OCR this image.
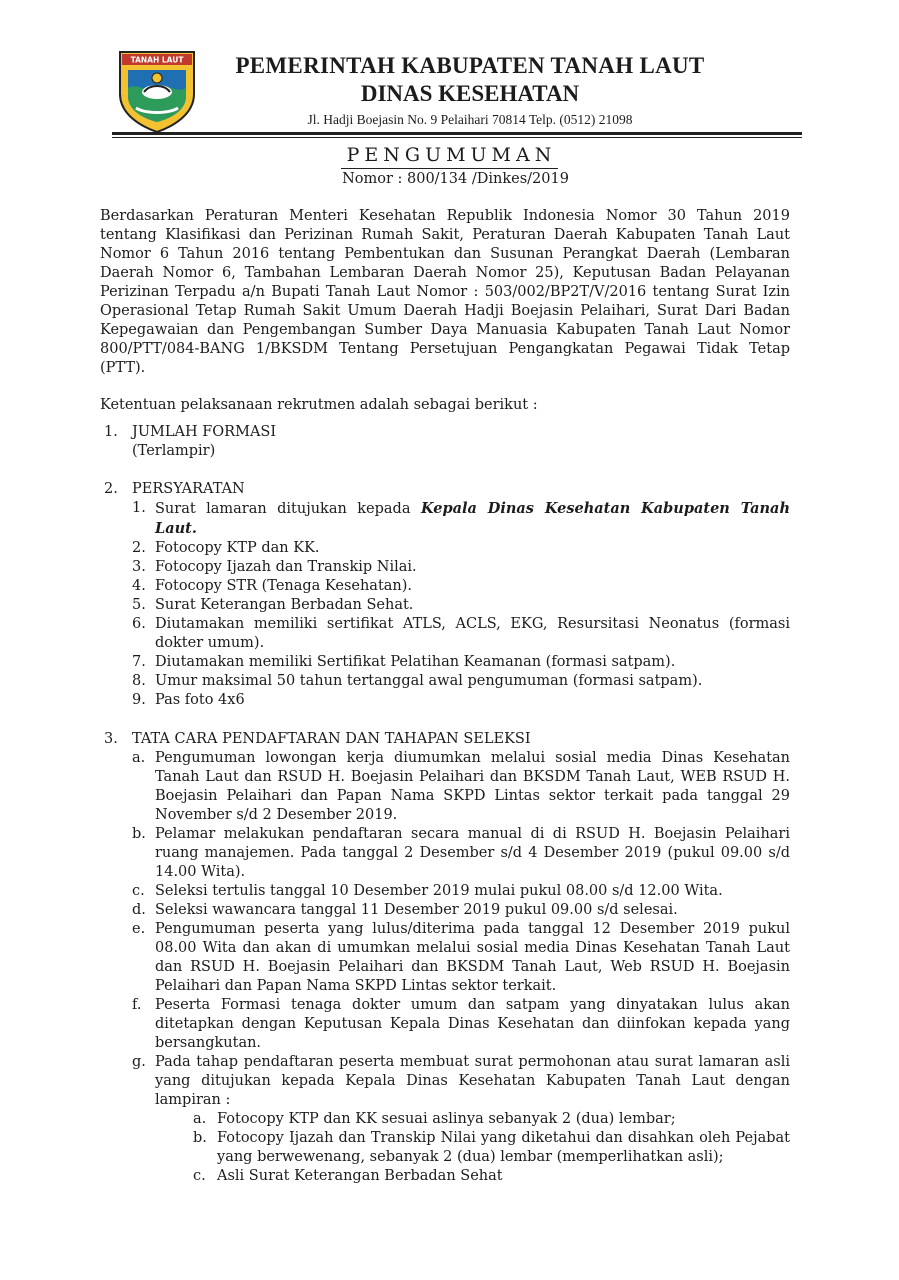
TANAH LAUT	PEMERINTAH KABUPATEN TANAH LAUT
DINAS KESEHATAN
Jl. Hadji Boejasin No. 9 Pelaihari 70814 Telp. (0512) 21098
PENGUMUMAN
Nomor : 800/134 /Dinkes/2019

Berdasarkan Peraturan Menteri Kesehatan Republik Indonesia Nomor 30 Tahun 2019 tentang Klasifikasi dan Perizinan Rumah Sakit, Peraturan Daerah Kabupaten Tanah Laut Nomor 6 Tahun 2016 tentang Pembentukan dan Susunan Perangkat Daerah (Lembaran Daerah Nomor 6, Tambahan Lembaran Daerah Nomor 25), Keputusan Badan Pelayanan Perizinan Terpadu a/n Bupati Tanah Laut Nomor : 503/002/BP2T/V/2016 tentang Surat Izin Operasional Tetap Rumah Sakit Umum Daerah Hadji Boejasin Pelaihari, Surat Dari Badan Kepegawaian dan Pengembangan Sumber Daya Manuasia Kabupaten Tanah Laut Nomor 800/PTT/084-BANG 1/BKSDM Tentang Persetujuan Pengangkatan Pegawai Tidak Tetap (PTT).

Ketentuan pelaksanaan rekrutmen adalah sebagai berikut :

1. JUMLAH FORMASI
(Terlampir)
2. PERSYARATAN
1. Surat lamaran ditujukan kepada Kepala Dinas Kesehatan Kabupaten Tanah Laut.
2. Fotocopy KTP dan KK.
3. Fotocopy Ijazah dan Transkip Nilai.
4. Fotocopy STR (Tenaga Kesehatan).
5. Surat Keterangan Berbadan Sehat.
6. Diutamakan memiliki sertifikat ATLS, ACLS, EKG, Resursitasi Neonatus (formasi dokter umum).
7. Diutamakan memiliki Sertifikat Pelatihan Keamanan (formasi satpam).
8. Umur maksimal 50 tahun tertanggal awal pengumuman (formasi satpam).
9. Pas foto 4x6
3. TATA CARA PENDAFTARAN DAN TAHAPAN SELEKSI
a. Pengumuman lowongan kerja diumumkan melalui sosial media Dinas Kesehatan Tanah Laut dan RSUD H. Boejasin Pelaihari dan BKSDM Tanah Laut, WEB RSUD H. Boejasin Pelaihari dan Papan Nama SKPD Lintas sektor terkait pada tanggal 29 November s/d 2 Desember 2019.
b. Pelamar melakukan pendaftaran secara manual di di RSUD H. Boejasin Pelaihari ruang manajemen. Pada tanggal 2 Desember s/d 4 Desember 2019 (pukul 09.00 s/d 14.00 Wita).
c. Seleksi tertulis tanggal 10 Desember 2019 mulai pukul 08.00 s/d 12.00 Wita.
d. Seleksi wawancara tanggal 11 Desember 2019 pukul 09.00 s/d selesai.
e. Pengumuman peserta yang lulus/diterima pada tanggal 12 Desember 2019 pukul 08.00 Wita dan akan di umumkan melalui sosial media Dinas Kesehatan Tanah Laut dan RSUD H. Boejasin Pelaihari dan BKSDM Tanah Laut, Web RSUD H. Boejasin Pelaihari dan Papan Nama SKPD Lintas sektor terkait.
f. Peserta Formasi tenaga dokter umum dan satpam yang dinyatakan lulus akan ditetapkan dengan Keputusan Kepala Dinas Kesehatan dan diinfokan kepada yang bersangkutan.
g. Pada tahap pendaftaran peserta membuat surat permohonan atau surat lamaran asli yang ditujukan kepada Kepala Dinas Kesehatan Kabupaten Tanah Laut dengan lampiran :
a. Fotocopy KTP dan KK sesuai aslinya sebanyak 2 (dua) lembar;
b. Fotocopy Ijazah dan Transkip Nilai yang diketahui dan disahkan oleh Pejabat yang berwewenang, sebanyak 2 (dua) lembar (memperlihatkan asli);
c. Asli Surat Keterangan Berbadan Sehat
